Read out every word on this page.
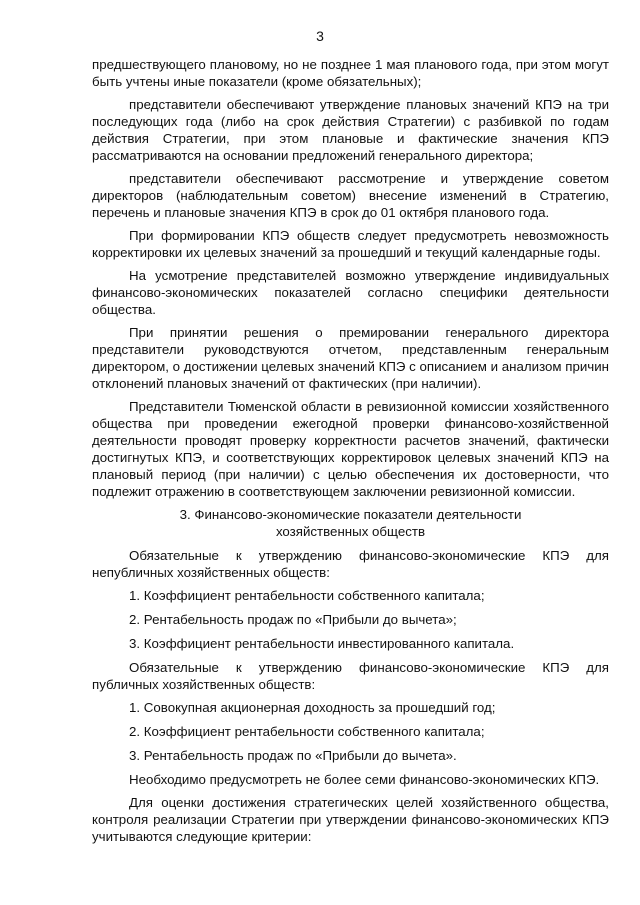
3

предшествующего плановому, но не позднее 1 мая планового года, при этом могут быть учтены иные показатели (кроме обязательных);

представители обеспечивают утверждение плановых значений КПЭ на три последующих года (либо на срок действия Стратегии) с разбивкой по годам действия Стратегии, при этом плановые и фактические значения КПЭ рассматриваются на основании предложений генерального директора;

представители обеспечивают рассмотрение и утверждение советом директоров (наблюдательным советом) внесение изменений в Стратегию, перечень и плановые значения КПЭ в срок до 01 октября планового года.

При формировании КПЭ обществ следует предусмотреть невозможность корректировки их целевых значений за прошедший и текущий календарные годы.

На усмотрение представителей возможно утверждение индивидуальных финансово-экономических показателей согласно специфики деятельности общества.

При принятии решения о премировании генерального директора представители руководствуются отчетом, представленным генеральным директором, о достижении целевых значений КПЭ с описанием и анализом причин отклонений плановых значений от фактических (при наличии).

Представители Тюменской области в ревизионной комиссии хозяйственного общества при проведении ежегодной проверки финансово-хозяйственной деятельности проводят проверку корректности расчетов значений, фактически достигнутых КПЭ, и соответствующих корректировок целевых значений КПЭ на плановый период (при наличии) с целью обеспечения их достоверности, что подлежит отражению в соответствующем заключении ревизионной комиссии.

3. Финансово-экономические показатели деятельности
хозяйственных обществ

Обязательные к утверждению финансово-экономические КПЭ для непубличных хозяйственных обществ:

1. Коэффициент рентабельности собственного капитала;

2. Рентабельность продаж по «Прибыли до вычета»;

3. Коэффициент рентабельности инвестированного капитала.

Обязательные к утверждению финансово-экономические КПЭ для публичных хозяйственных обществ:

1. Совокупная акционерная доходность за прошедший год;

2. Коэффициент рентабельности собственного капитала;

3. Рентабельность продаж по «Прибыли до вычета».

Необходимо предусмотреть не более семи финансово-экономических КПЭ.

Для оценки достижения стратегических целей хозяйственного общества, контроля реализации Стратегии при утверждении финансово-экономических КПЭ учитываются следующие критерии:
